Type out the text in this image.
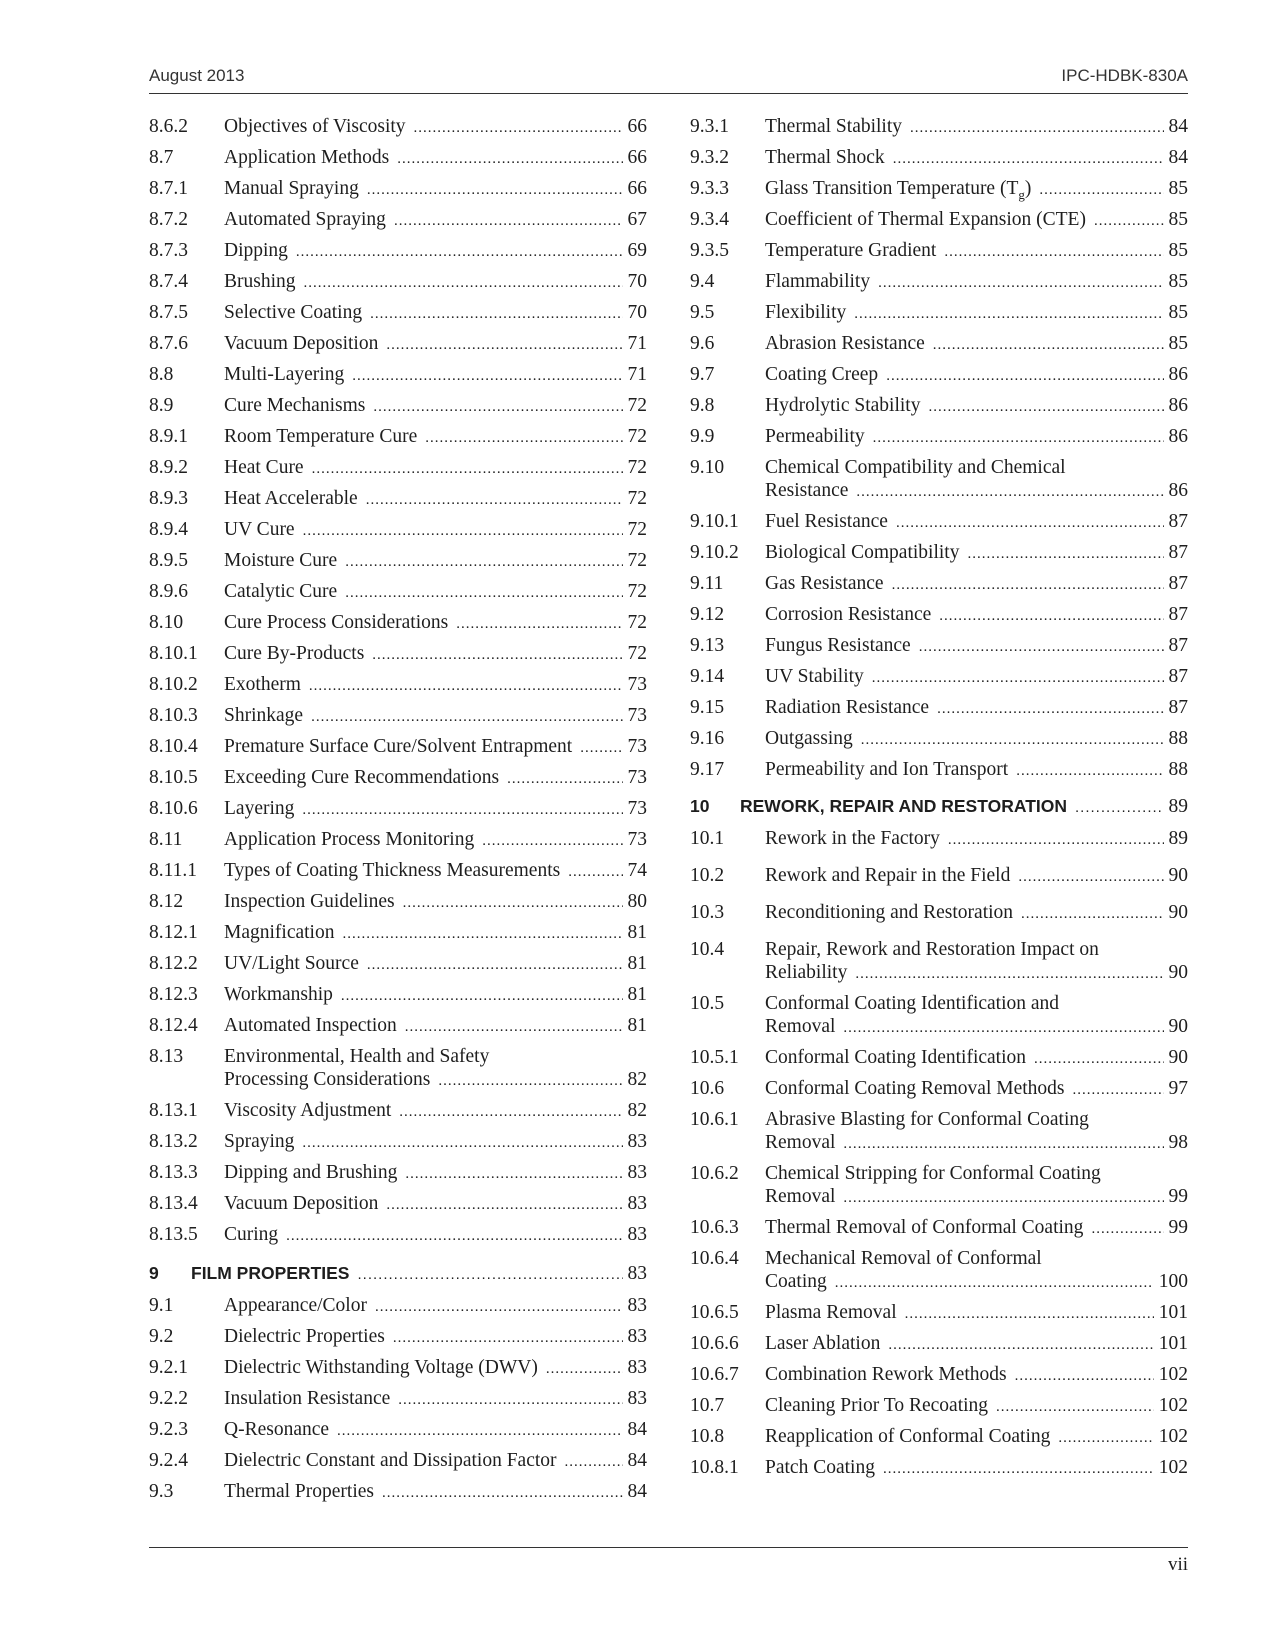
August 2013	IPC-HDBK-830A
8.6.2	Objectives of Viscosity .....	66
8.7	Application Methods .....	66
8.7.1	Manual Spraying .....	66
8.7.2	Automated Spraying .....	67
8.7.3	Dipping .....	69
8.7.4	Brushing .....	70
8.7.5	Selective Coating .....	70
8.7.6	Vacuum Deposition .....	71
8.8	Multi-Layering .....	71
8.9	Cure Mechanisms .....	72
8.9.1	Room Temperature Cure .....	72
8.9.2	Heat Cure .....	72
8.9.3	Heat Accelerable .....	72
8.9.4	UV Cure .....	72
8.9.5	Moisture Cure .....	72
8.9.6	Catalytic Cure .....	72
8.10	Cure Process Considerations .....	72
8.10.1	Cure By-Products .....	72
8.10.2	Exotherm .....	73
8.10.3	Shrinkage .....	73
8.10.4	Premature Surface Cure/Solvent Entrapment .....	73
8.10.5	Exceeding Cure Recommendations .....	73
8.10.6	Layering .....	73
8.11	Application Process Monitoring .....	73
8.11.1	Types of Coating Thickness Measurements .....	74
8.12	Inspection Guidelines .....	80
8.12.1	Magnification .....	81
8.12.2	UV/Light Source .....	81
8.12.3	Workmanship .....	81
8.12.4	Automated Inspection .....	81
8.13	Environmental, Health and Safety
Processing Considerations .....	82
8.13.1	Viscosity Adjustment .....	82
8.13.2	Spraying .....	83
8.13.3	Dipping and Brushing .....	83
8.13.4	Vacuum Deposition .....	83
8.13.5	Curing .....	83
9	FILM PROPERTIES .....	83
9.1	Appearance/Color .....	83
9.2	Dielectric Properties .....	83
9.2.1	Dielectric Withstanding Voltage (DWV) .....	83
9.2.2	Insulation Resistance .....	83
9.2.3	Q-Resonance .....	84
9.2.4	Dielectric Constant and Dissipation Factor .....	84
9.3	Thermal Properties .....	84
9.3.1	Thermal Stability .....	84
9.3.2	Thermal Shock .....	84
9.3.3	Glass Transition Temperature $(T_g)$ .....	85
9.3.4	Coefficient of Thermal Expansion (CTE) .....	85
9.3.5	Temperature Gradient .....	85
9.4	Flammability .....	85
9.5	Flexibility .....	85
9.6	Abrasion Resistance .....	85
9.7	Coating Creep .....	86
9.8	Hydrolytic Stability .....	86
9.9	Permeability .....	86
9.10	Chemical Compatibility and Chemical
Resistance .....	86
9.10.1	Fuel Resistance .....	87
9.10.2	Biological Compatibility .....	87
9.11	Gas Resistance .....	87
9.12	Corrosion Resistance .....	87
9.13	Fungus Resistance .....	87
9.14	UV Stability .....	87
9.15	Radiation Resistance .....	87
9.16	Outgassing .....	88
9.17	Permeability and Ion Transport .....	88
10	REWORK, REPAIR AND RESTORATION .....	89
10.1	Rework in the Factory .....	89
10.2	Rework and Repair in the Field .....	90
10.3	Reconditioning and Restoration .....	90
10.4	Repair, Rework and Restoration Impact on
Reliability .....	90
10.5	Conformal Coating Identification and
Removal .....	90
10.5.1	Conformal Coating Identification .....	90
10.6	Conformal Coating Removal Methods .....	97
10.6.1	Abrasive Blasting for Conformal Coating
Removal .....	98
10.6.2	Chemical Stripping for Conformal Coating
Removal .....	99
10.6.3	Thermal Removal of Conformal Coating .....	99
10.6.4	Mechanical Removal of Conformal
Coating .....	100
10.6.5	Plasma Removal .....	101
10.6.6	Laser Ablation .....	101
10.6.7	Combination Rework Methods .....	102
10.7	Cleaning Prior To Recoating .....	102
10.8	Reapplication of Conformal Coating .....	102
10.8.1	Patch Coating .....	102
vii
